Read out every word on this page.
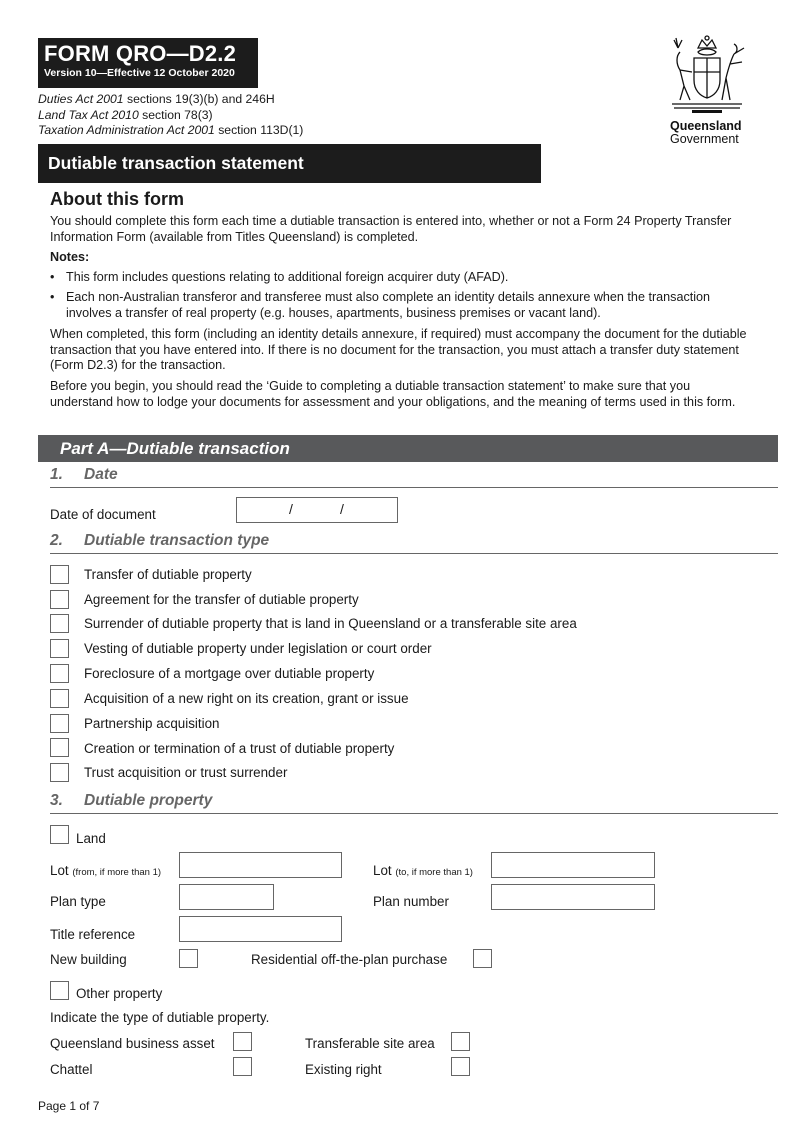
FORM QRO—D2.2
Version 10—Effective 12 October 2020
Duties Act 2001 sections 19(3)(b) and 246H
Land Tax Act 2010 section 78(3)
Taxation Administration Act 2001 section 113D(1)	Queensland
Government
Dutiable transaction statement
About this form
You should complete this form each time a dutiable transaction is entered into, whether or not a Form 24 Property Transfer Information Form (available from Titles Queensland) is completed.
Notes:
• This form includes questions relating to additional foreign acquirer duty (AFAD).
• Each non-Australian transferor and transferee must also complete an identity details annexure when the transaction involves a transfer of real property (e.g. houses, apartments, business premises or vacant land).
When completed, this form (including an identity details annexure, if required) must accompany the document for the dutiable transaction that you have entered into. If there is no document for the transaction, you must attach a transfer duty statement (Form D2.3) for the transaction.
Before you begin, you should read the ‘Guide to completing a dutiable transaction statement’ to make sure that you understand how to lodge your documents for assessment and your obligations, and the meaning of terms used in this form.
Part A—Dutiable transaction
1. Date
Date of document	/	/
2. Dutiable transaction type
Transfer of dutiable property
Agreement for the transfer of dutiable property
Surrender of dutiable property that is land in Queensland or a transferable site area
Vesting of dutiable property under legislation or court order
Foreclosure of a mortgage over dutiable property
Acquisition of a new right on its creation, grant or issue
Partnership acquisition
Creation or termination of a trust of dutiable property
Trust acquisition or trust surrender
3. Dutiable property
Land
Lot (from, if more than 1)	Lot (to, if more than 1)
Plan type	Plan number
Title reference
New building	Residential off-the-plan purchase
Other property
Indicate the type of dutiable property.
Queensland business asset	Transferable site area
Chattel	Existing right
Page 1 of 7
